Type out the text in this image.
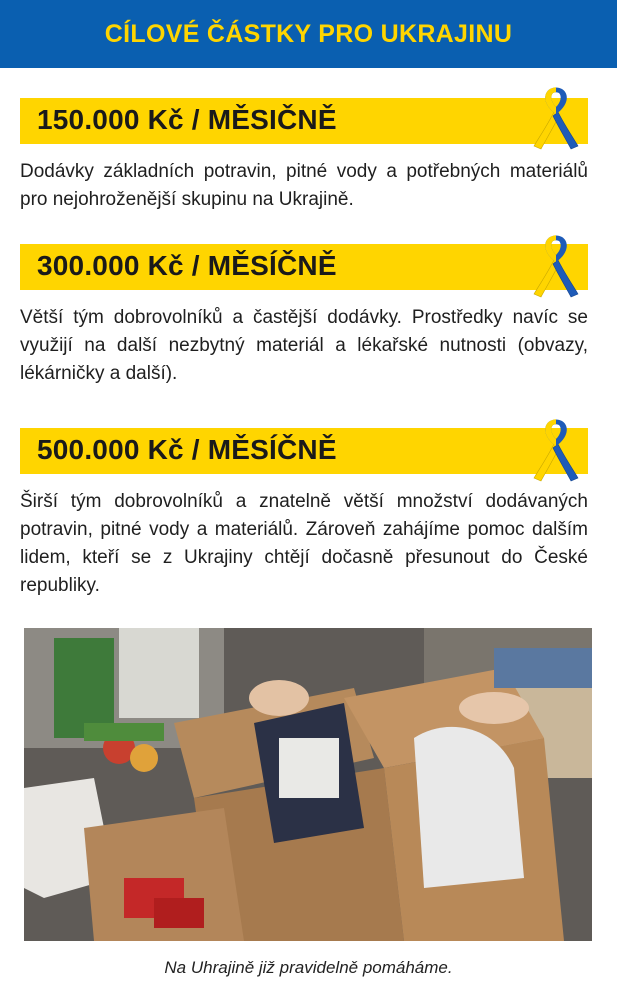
CÍLOVÉ ČÁSTKY PRO UKRAJINU
150.000 Kč / MĚSIČNĚ

Dodávky základních potravin, pitné vody a potřebných materiálů pro nejohroženější skupinu na Ukrajině.

300.000 Kč / MĚSÍČNĚ

Větší tým dobrovolníků a častější dodávky. Prostředky navíc se využijí na další nezbytný materiál a lékařské nutnosti (obvazy, lékárničky a další).

500.000 Kč / MĚSÍČNĚ

Širší tým dobrovolníků a znatelně větší množství dodávaných potravin, pitné vody a materiálů. Zároveň zahájíme pomoc dalším lidem, kteří se z Ukrajiny chtějí dočasně přesunout do České republiky.

Na Uhrajině již pravidelně pomáháme.
